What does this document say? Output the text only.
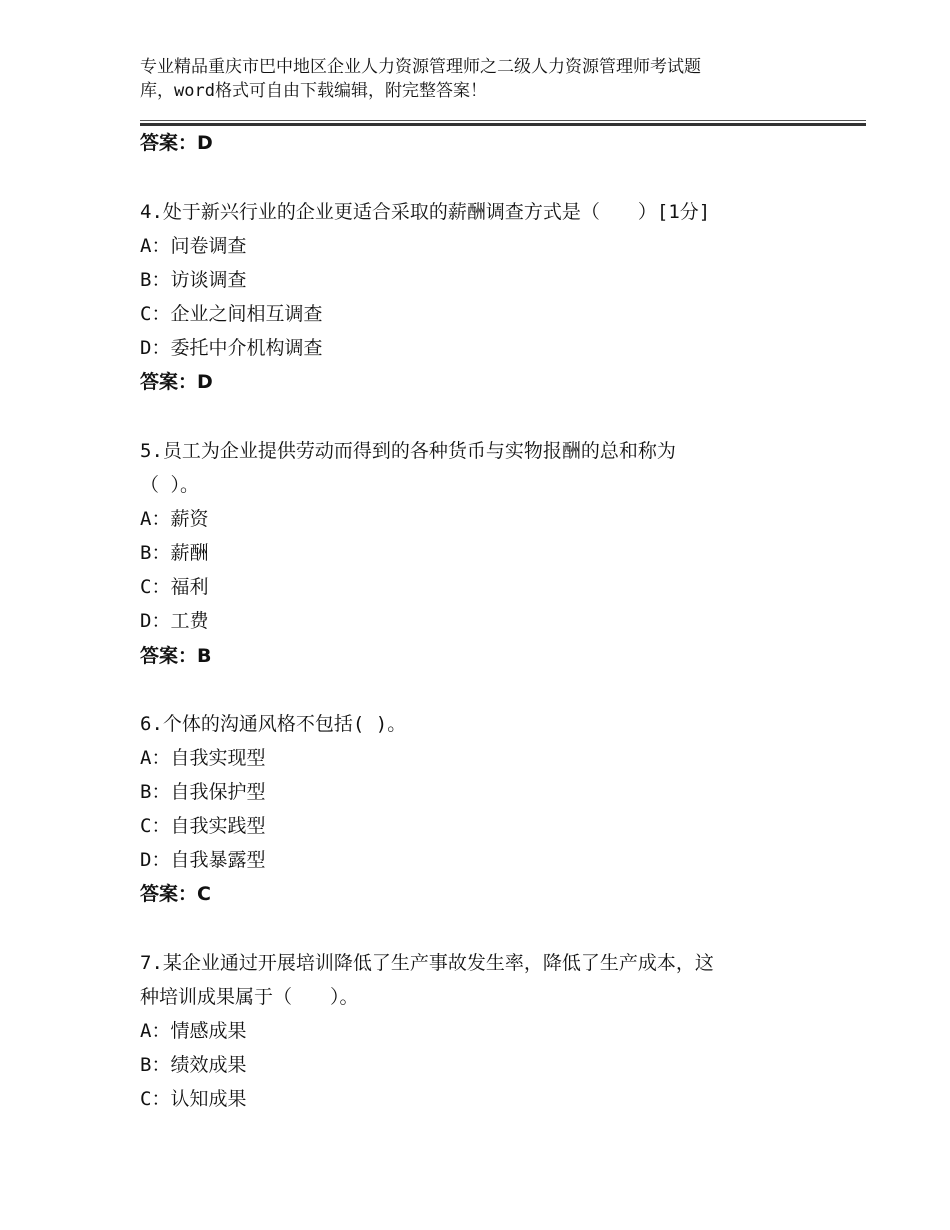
专业精品重庆市巴中地区企业人力资源管理师之二级人力资源管理师考试题
库，word格式可自由下载编辑，附完整答案！
答案：D
4.处于新兴行业的企业更适合采取的薪酬调查方式是（　　）[1分]
A：问卷调查
B：访谈调查
C：企业之间相互调查
D：委托中介机构调查
答案：D
5.员工为企业提供劳动而得到的各种货币与实物报酬的总和称为
（ ）。
A：薪资
B：薪酬
C：福利
D：工费
答案：B
6.个体的沟通风格不包括( )。
A：自我实现型
B：自我保护型
C：自我实践型
D：自我暴露型
答案：C
7.某企业通过开展培训降低了生产事故发生率，降低了生产成本，这
种培训成果属于（　　）。
A：情感成果
B：绩效成果
C：认知成果
